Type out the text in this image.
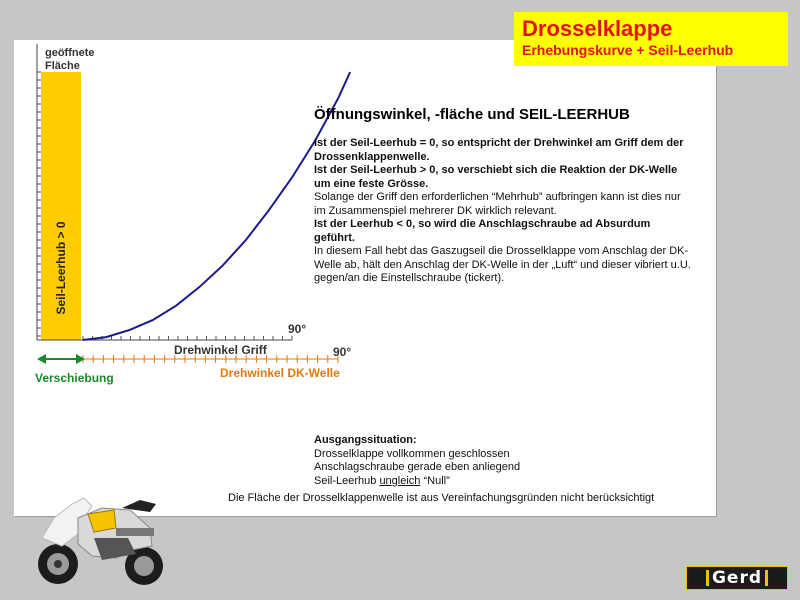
Drosselklappe
Erhebungskurve + Seil-Leerhub
geöffnete
Fläche
Seil-Leerhub > 0
Drehwinkel Griff
90°
90°
Drehwinkel DK-Welle
Verschiebung
Öffnungswinkel, -fläche und SEIL-LEERHUB
Ist der Seil-Leerhub = 0, so entspricht der Drehwinkel am Griff dem der Drossenklappenwelle.
Ist der Seil-Leerhub > 0, so verschiebt sich die Reaktion der DK-Welle um eine feste Grösse.
Solange der Griff den erforderlichen “Mehrhub” aufbringen kann ist dies nur im Zusammenspiel mehrerer DK wirklich relevant.
Ist der Leerhub < 0, so wird die Anschlagschraube ad Absurdum geführt.
In diesem Fall hebt das Gaszugseil die Drosselklappe vom Anschlag der DK-Welle ab, hält den Anschlag der DK-Welle in der „Luft“ und dieser vibriert u.U. gegen/an die Einstellschraube (tickert).
Ausgangssituation:
Drosselklappe vollkommen geschlossen
Anschlagschraube gerade eben anliegend
Seil-Leerhub ungleich “Null”
Die Fläche der Drosselklappenwelle ist aus Vereinfachungsgründen nicht berücksichtigt
Gerd
